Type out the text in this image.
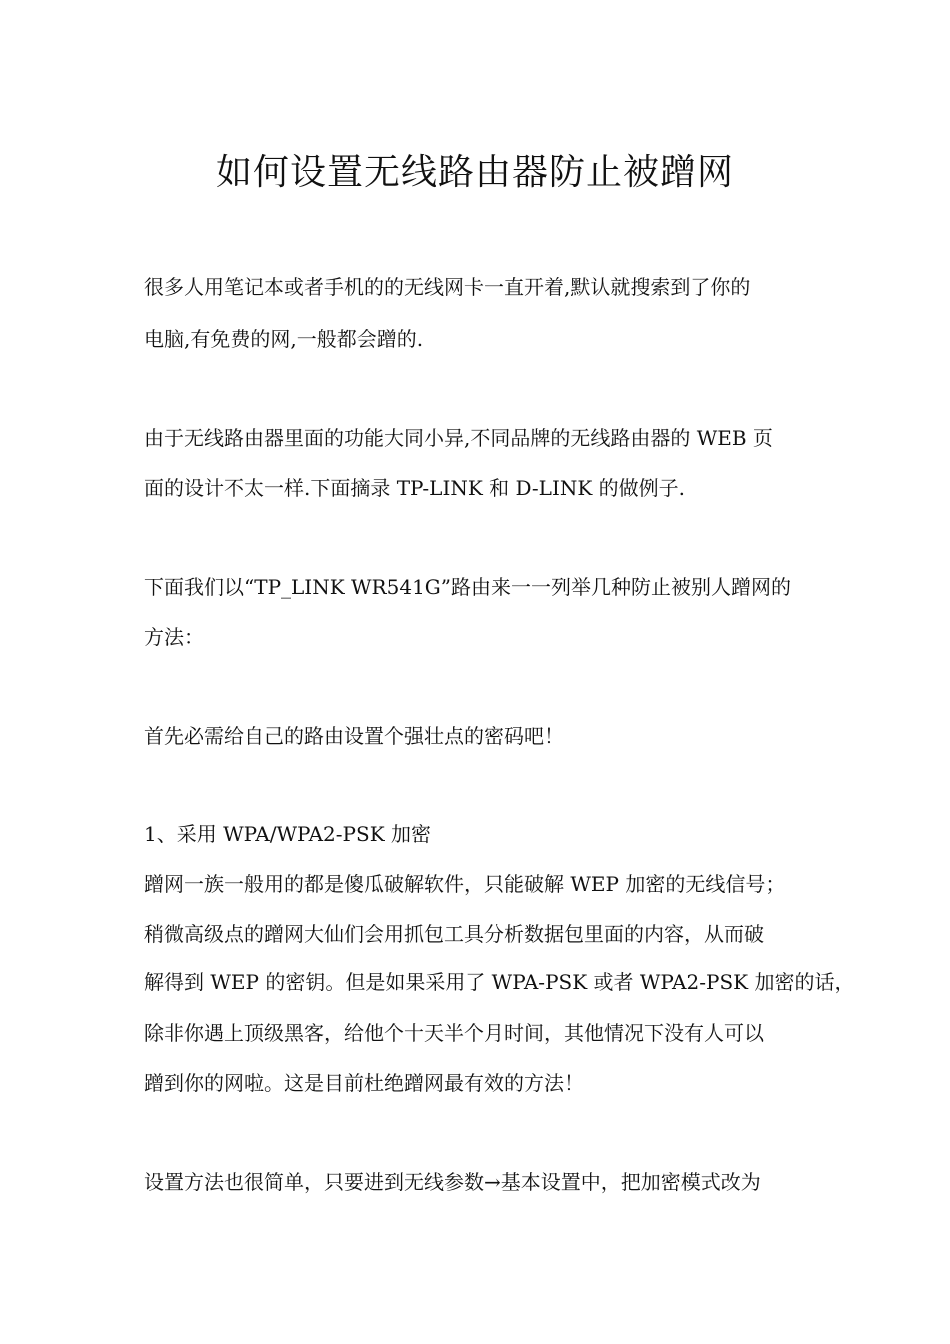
如何设置无线路由器防止被蹭网

很多人用笔记本或者手机的的无线网卡一直开着,默认就搜索到了你的

电脑,有免费的网,一般都会蹭的.

由于无线路由器里面的功能大同小异,不同品牌的无线路由器的 WEB 页

面的设计不太一样.下面摘录 TP-LINK 和 D-LINK 的做例子.

下面我们以“TP_LINK WR541G”路由来一一列举几种防止被别人蹭网的

方法：

首先必需给自己的路由设置个强壮点的密码吧！

1、采用 WPA/WPA2-PSK 加密

蹭网一族一般用的都是傻瓜破解软件，只能破解 WEP 加密的无线信号；

稍微高级点的蹭网大仙们会用抓包工具分析数据包里面的内容，从而破

解得到 WEP 的密钥。但是如果采用了 WPA-PSK 或者 WPA2-PSK 加密的话，

除非你遇上顶级黑客，给他个十天半个月时间，其他情况下没有人可以

蹭到你的网啦。这是目前杜绝蹭网最有效的方法！

设置方法也很简单，只要进到无线参数→基本设置中，把加密模式改为
